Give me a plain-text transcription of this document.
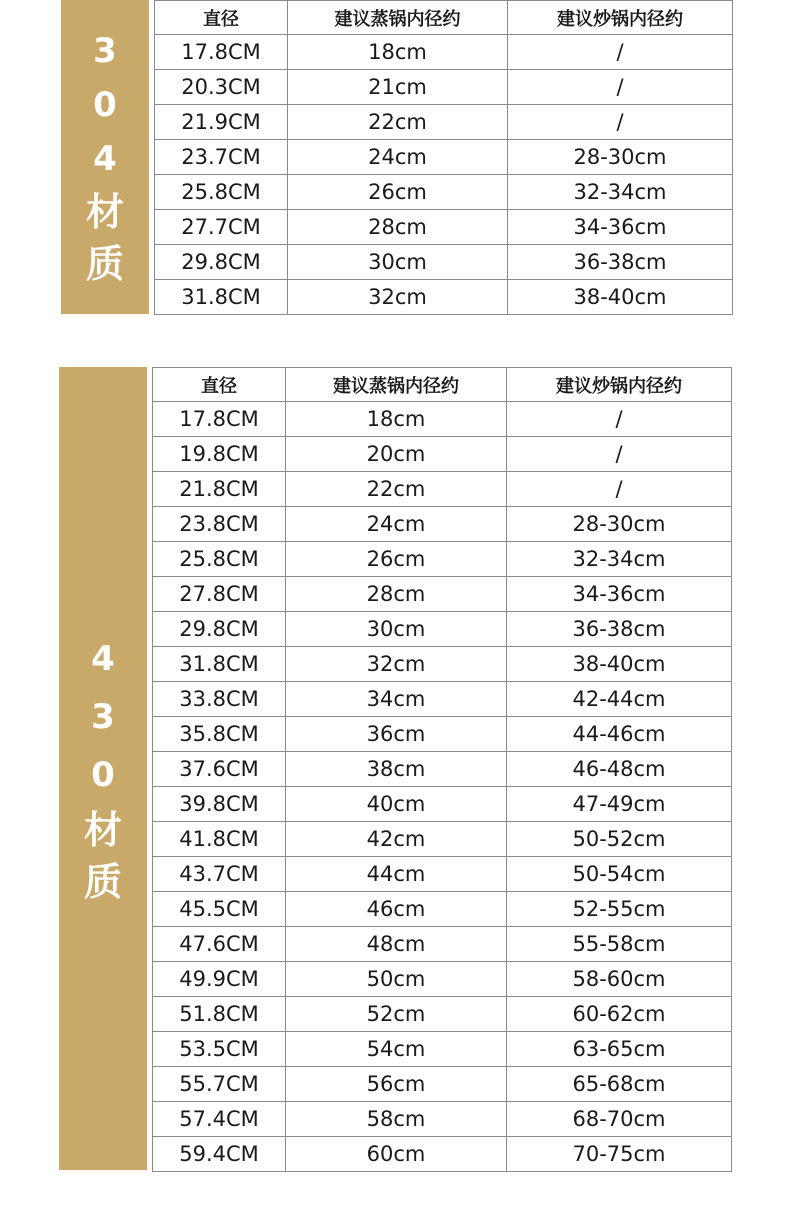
3
0
4
材
质
直径	建议蒸锅内径约	建议炒锅内径约
17.8CM	18cm	/
20.3CM	21cm	/
21.9CM	22cm	/
23.7CM	24cm	28-30cm
25.8CM	26cm	32-34cm
27.7CM	28cm	34-36cm
29.8CM	30cm	36-38cm
31.8CM	32cm	38-40cm
4
3
0
材
质
直径	建议蒸锅内径约	建议炒锅内径约
17.8CM	18cm	/
19.8CM	20cm	/
21.8CM	22cm	/
23.8CM	24cm	28-30cm
25.8CM	26cm	32-34cm
27.8CM	28cm	34-36cm
29.8CM	30cm	36-38cm
31.8CM	32cm	38-40cm
33.8CM	34cm	42-44cm
35.8CM	36cm	44-46cm
37.6CM	38cm	46-48cm
39.8CM	40cm	47-49cm
41.8CM	42cm	50-52cm
43.7CM	44cm	50-54cm
45.5CM	46cm	52-55cm
47.6CM	48cm	55-58cm
49.9CM	50cm	58-60cm
51.8CM	52cm	60-62cm
53.5CM	54cm	63-65cm
55.7CM	56cm	65-68cm
57.4CM	58cm	68-70cm
59.4CM	60cm	70-75cm
